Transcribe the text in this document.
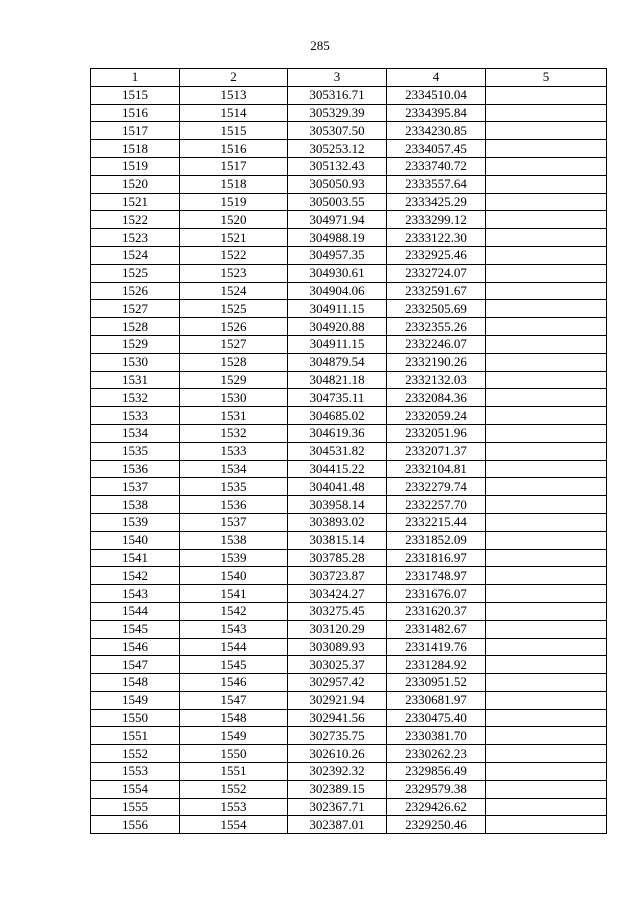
285
1	2	3	4	5
1515	1513	305316.71	2334510.04	
1516	1514	305329.39	2334395.84	
1517	1515	305307.50	2334230.85	
1518	1516	305253.12	2334057.45	
1519	1517	305132.43	2333740.72	
1520	1518	305050.93	2333557.64	
1521	1519	305003.55	2333425.29	
1522	1520	304971.94	2333299.12	
1523	1521	304988.19	2333122.30	
1524	1522	304957.35	2332925.46	
1525	1523	304930.61	2332724.07	
1526	1524	304904.06	2332591.67	
1527	1525	304911.15	2332505.69	
1528	1526	304920.88	2332355.26	
1529	1527	304911.15	2332246.07	
1530	1528	304879.54	2332190.26	
1531	1529	304821.18	2332132.03	
1532	1530	304735.11	2332084.36	
1533	1531	304685.02	2332059.24	
1534	1532	304619.36	2332051.96	
1535	1533	304531.82	2332071.37	
1536	1534	304415.22	2332104.81	
1537	1535	304041.48	2332279.74	
1538	1536	303958.14	2332257.70	
1539	1537	303893.02	2332215.44	
1540	1538	303815.14	2331852.09	
1541	1539	303785.28	2331816.97	
1542	1540	303723.87	2331748.97	
1543	1541	303424.27	2331676.07	
1544	1542	303275.45	2331620.37	
1545	1543	303120.29	2331482.67	
1546	1544	303089.93	2331419.76	
1547	1545	303025.37	2331284.92	
1548	1546	302957.42	2330951.52	
1549	1547	302921.94	2330681.97	
1550	1548	302941.56	2330475.40	
1551	1549	302735.75	2330381.70	
1552	1550	302610.26	2330262.23	
1553	1551	302392.32	2329856.49	
1554	1552	302389.15	2329579.38	
1555	1553	302367.71	2329426.62	
1556	1554	302387.01	2329250.46	
